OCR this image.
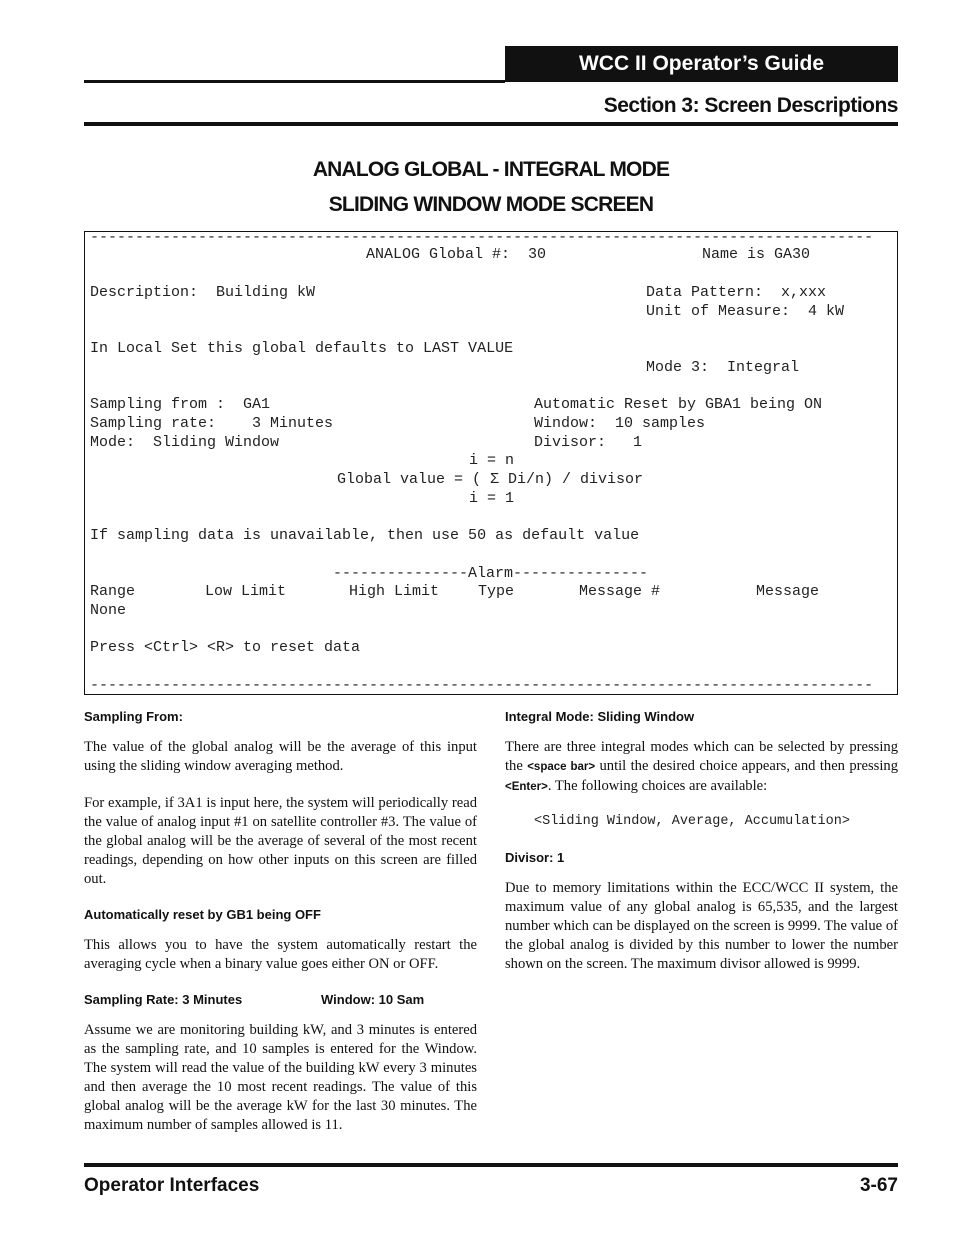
WCC II Operator’s Guide
Section 3: Screen Descriptions
ANALOG GLOBAL - INTEGRAL MODE
SLIDING WINDOW MODE SCREEN
---------------------------------------------------------------------------------------
ANALOG Global #:  30	Name is GA30
Description:  Building kW	Data Pattern:  x,xxx
Unit of Measure:  4 kW
In Local Set this global defaults to LAST VALUE
Mode 3:  Integral
Sampling from :  GA1	Automatic Reset by GBA1 being ON
Sampling rate:    3 Minutes	Window:  10 samples
Mode:  Sliding Window	Divisor:   1
i = n
Global value = ( Σ Di/n) / divisor
i = 1
If sampling data is unavailable, then use 50 as default value
---------------Alarm---------------
Range	Low Limit	High Limit	Type	Message #	Message
None
Press <Ctrl> <R> to reset data
---------------------------------------------------------------------------------------
Sampling From:
The value of the global analog will be the average of this input using the sliding window averaging method.
For example, if 3A1 is input here, the system will periodically read the value of analog input #1 on satellite controller #3. The value of the global analog will be the average of several of the most recent readings, depending on how other inputs on this screen are filled out.
Automatically reset by GB1 being OFF
This allows you to have the system automatically restart the averaging cycle when a binary value goes either ON or OFF.
Sampling Rate: 3 Minutes	Window: 10 Sam
Assume we are monitoring building kW, and 3 minutes is entered as the sampling rate, and 10 samples is entered for the Window. The system will read the value of the building kW every 3 minutes and then average the 10 most recent readings. The value of this global analog will be the average kW for the last 30 minutes. The maximum number of samples allowed is 11.
Integral Mode: Sliding Window
There are three integral modes which can be selected by pressing the <space bar> until the desired choice appears, and then pressing <Enter>. The following choices are available:
<Sliding Window, Average, Accumulation>
Divisor: 1
Due to memory limitations within the ECC/WCC II system, the maximum value of any global analog is 65,535, and the largest number which can be displayed on the screen is 9999. The value of the global analog is divided by this number to lower the number shown on the screen. The maximum divisor allowed is 9999.
Operator Interfaces	3-67
